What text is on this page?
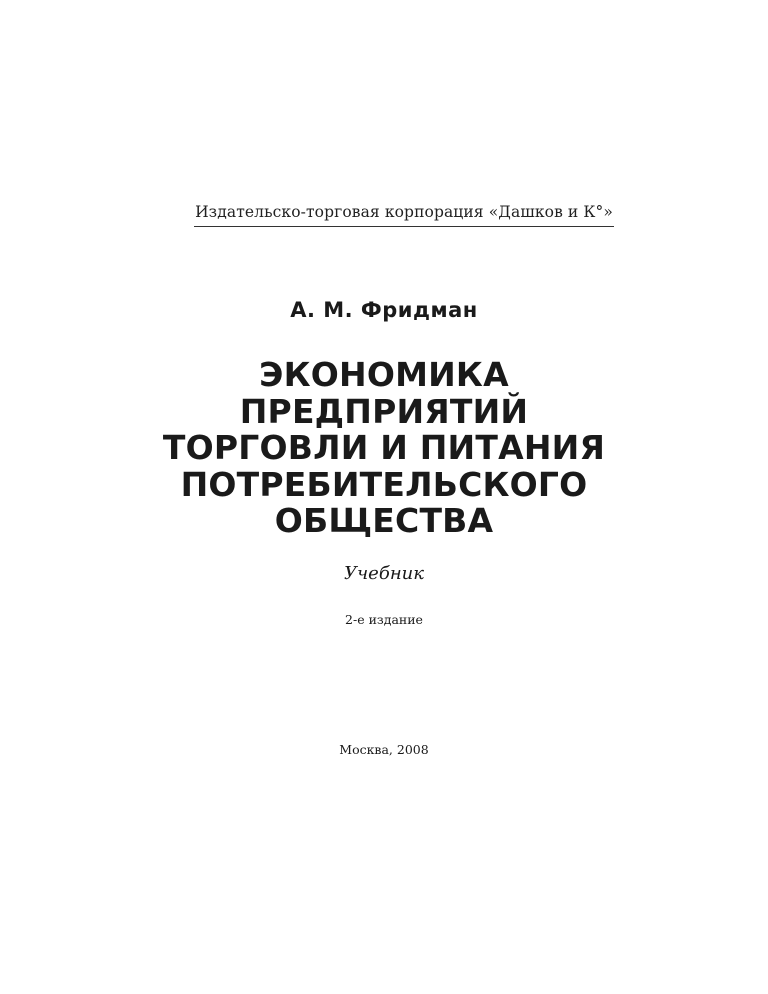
Издательско-торговая корпорация «Дашков и К°»
А. М. Фридман
ЭКОНОМИКА
ПРЕДПРИЯТИЙ
ТОРГОВЛИ И ПИТАНИЯ
ПОТРЕБИТЕЛЬСКОГО
ОБЩЕСТВА
Учебник
2-е издание
Москва, 2008
